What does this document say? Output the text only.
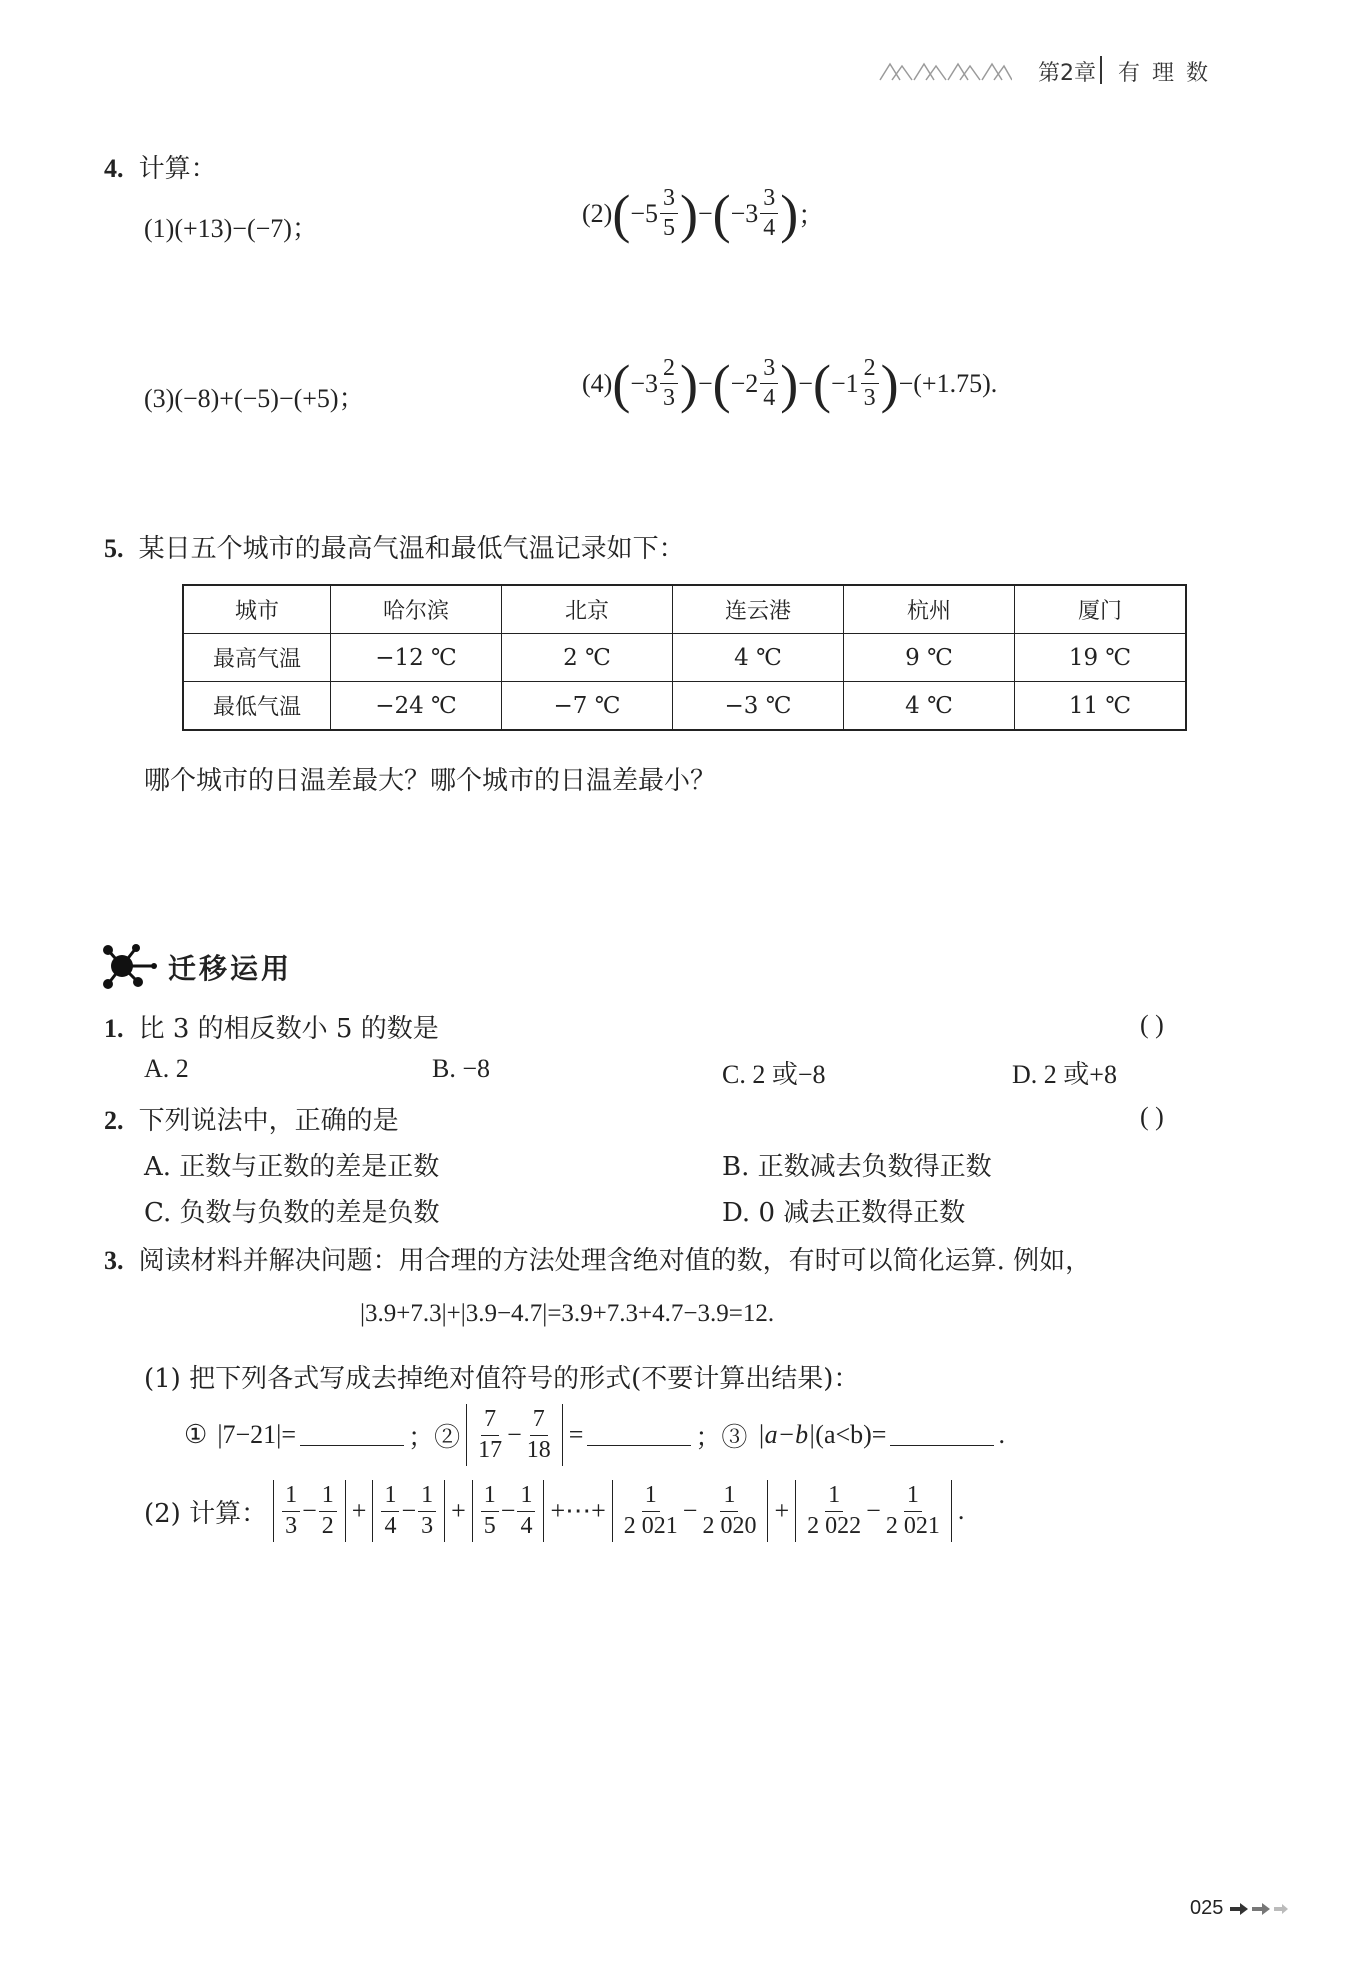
第2章 有理数
4. 计算：
(1)(+13)−(−7)；
(2) ( $-5 \frac{3}{5}$ ) − ( $-3 \frac{3}{4}$ ) ；
(3)(−8)+(−5)−(+5)；
(4) ( $-3 \frac{2}{3}$ ) − ( $-2 \frac{3}{4}$ ) − ( $-1 \frac{2}{3}$ ) −(+1.75).
5. 某日五个城市的最高气温和最低气温记录如下：
城市	哈尔滨	北京	连云港	杭州	厦门
最高气温	−12 ℃	2 ℃	4 ℃	9 ℃	19 ℃
最低气温	−24 ℃	−7 ℃	−3 ℃	4 ℃	11 ℃
哪个城市的日温差最大？哪个城市的日温差最小？
迁移运用
1. 比 3 的相反数小 5 的数是	( )
A. 2	B. −8	C. 2 或−8	D. 2 或+8
2. 下列说法中，正确的是	( )
A. 正数与正数的差是正数	B. 正数减去负数得正数
C. 负数与负数的差是负数	D. 0 减去正数得正数
3. 阅读材料并解决问题：用合理的方法处理含绝对值的数，有时可以简化运算. 例如，
|3.9+7.3|+|3.9−4.7|=3.9+7.3+4.7−3.9=12.
(1) 把下列各式写成去掉绝对值符号的形式(不要计算出结果)：
① |7−21|=	；② $\frac{7}{17} - \frac{7}{18}$ =	；③ |a−b| (a<b)=	.
(2) 计算： $\frac{1}{3} - \frac{1}{2} + \frac{1}{4} - \frac{1}{3} + \frac{1}{5} - \frac{1}{4}$ +⋯+ $\frac{1}{2 021} - \frac{1}{2 020} + \frac{1}{2 022} - \frac{1}{2 021}$ .
025
